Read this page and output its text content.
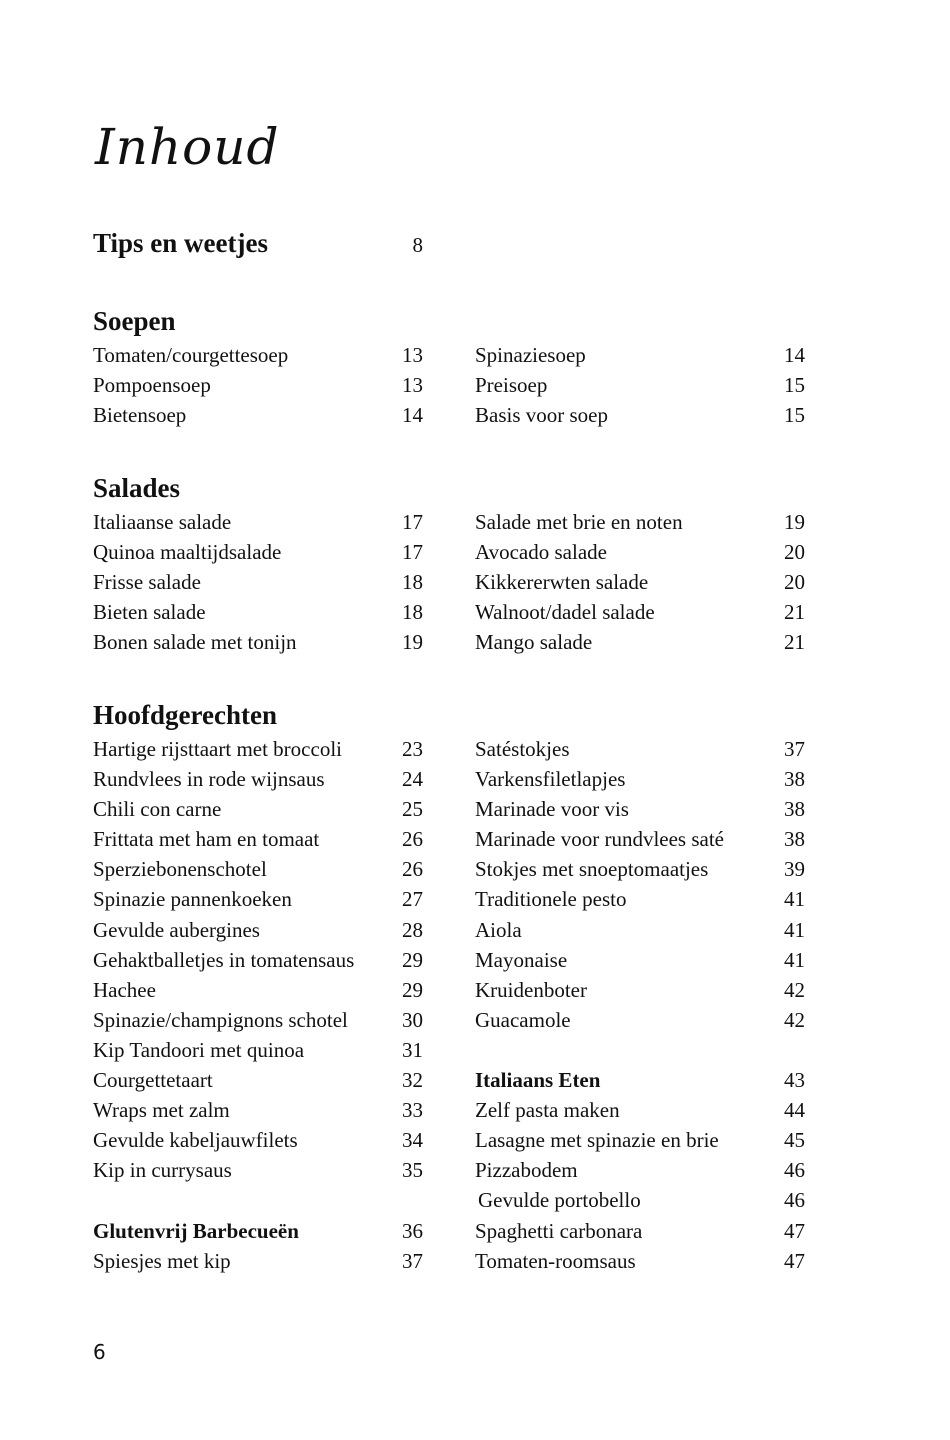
Inhoud
Tips en weetjes	8
Soepen
Tomaten/courgettesoep	13
Pompoensoep	13
Bietensoep	14
Spinaziesoep	14
Preisoep	15
Basis voor soep	15
Salades
Italiaanse salade	17
Quinoa maaltijdsalade	17
Frisse salade	18
Bieten salade	18
Bonen salade met tonijn	19
Salade met brie en noten	19
Avocado salade	20
Kikkererwten salade	20
Walnoot/dadel salade	21
Mango salade	21
Hoofdgerechten
Hartige rijsttaart met broccoli	23
Rundvlees in rode wijnsaus	24
Chili con carne	25
Frittata met ham en tomaat	26
Sperziebonenschotel	26
Spinazie pannenkoeken	27
Gevulde aubergines	28
Gehaktballetjes in tomatensaus 29
Hachee	29
Spinazie/champignons schotel	30
Kip Tandoori met quinoa	31
Courgettetaart	32
Wraps met zalm	33
Gevulde kabeljauwfilets	34
Kip in currysaus	35
Glutenvrij Barbecueën	36
Spiesjes met kip	37
Satéstokjes	37
Varkensfiletlapjes	38
Marinade voor vis	38
Marinade voor rundvlees saté	38
Stokjes met snoeptomaatjes	39
Traditionele pesto	41
Aiola	41
Mayonaise	41
Kruidenboter	42
Guacamole	42
Italiaans Eten	43
Zelf pasta maken	44
Lasagne met spinazie en brie	45
Pizzabodem	46
Gevulde portobello	46
Spaghetti carbonara	47
Tomaten-roomsaus	47
6
